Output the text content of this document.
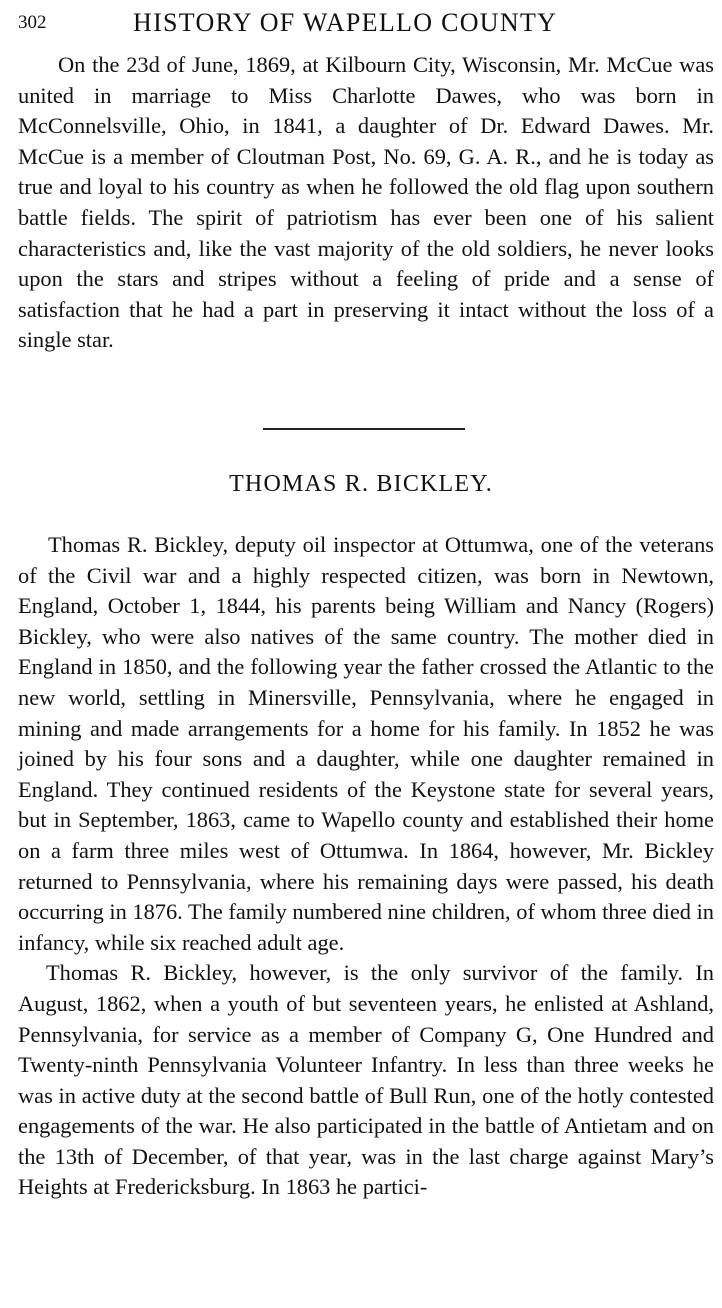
302	HISTORY OF WAPELLO COUNTY

On the 23d of June, 1869, at Kilbourn City, Wisconsin, Mr. McCue was united in marriage to Miss Charlotte Dawes, who was born in McConnelsville, Ohio, in 1841, a daughter of Dr. Edward Dawes. Mr. McCue is a member of Cloutman Post, No. 69, G. A. R., and he is today as true and loyal to his country as when he followed the old flag upon southern battle fields. The spirit of patriotism has ever been one of his salient characteristics and, like the vast majority of the old soldiers, he never looks upon the stars and stripes without a feeling of pride and a sense of satisfaction that he had a part in preserving it intact without the loss of a single star.

THOMAS R. BICKLEY.

Thomas R. Bickley, deputy oil inspector at Ottumwa, one of the veterans of the Civil war and a highly respected citizen, was born in Newtown, England, October 1, 1844, his parents being William and Nancy (Rogers) Bickley, who were also natives of the same country. The mother died in England in 1850, and the following year the father crossed the Atlantic to the new world, settling in Minersville, Pennsylvania, where he engaged in mining and made arrangements for a home for his family. In 1852 he was joined by his four sons and a daughter, while one daughter remained in England. They continued residents of the Keystone state for several years, but in September, 1863, came to Wapello county and established their home on a farm three miles west of Ottumwa. In 1864, however, Mr. Bickley returned to Pennsylvania, where his remaining days were passed, his death occurring in 1876. The family numbered nine children, of whom three died in infancy, while six reached adult age.

Thomas R. Bickley, however, is the only survivor of the family. In August, 1862, when a youth of but seventeen years, he enlisted at Ashland, Pennsylvania, for service as a member of Company G, One Hundred and Twenty-ninth Pennsylvania Volunteer Infantry. In less than three weeks he was in active duty at the second battle of Bull Run, one of the hotly contested engagements of the war. He also participated in the battle of Antietam and on the 13th of December, of that year, was in the last charge against Mary’s Heights at Fredericksburg. In 1863 he partici-
